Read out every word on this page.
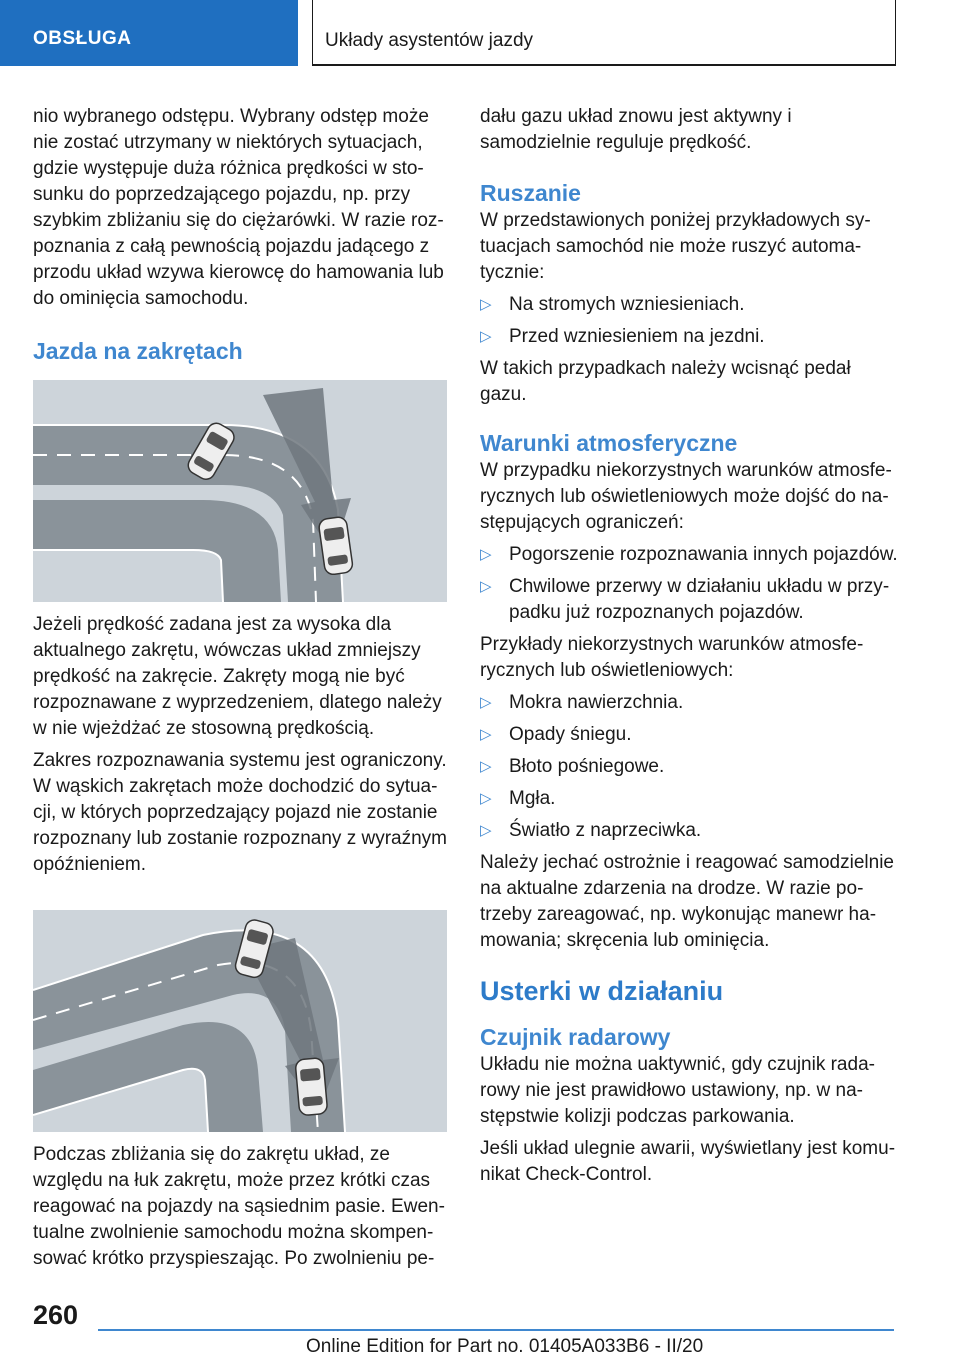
OBSŁUGA	Układy asystentów jazdy

nio wybranego odstępu. Wybrany odstęp może nie zostać utrzymany w niektórych sytuacjach, gdzie występuje duża różnica prędkości w stosunku do poprzedzającego pojazdu, np. przy szybkim zbliżaniu się do ciężarówki. W razie rozpoznania z całą pewnością pojazdu jadącego z przodu układ wzywa kierowcę do hamowania lub do ominięcia samochodu.

Jazda na zakrętach

Jeżeli prędkość zadana jest za wysoka dla aktualnego zakrętu, wówczas układ zmniejszy prędkość na zakręcie. Zakręty mogą nie być rozpoznawane z wyprzedzeniem, dlatego należy w nie wjeżdżać ze stosowną prędkością.

Zakres rozpoznawania systemu jest ograniczony. W wąskich zakrętach może dochodzić do sytuacji, w których poprzedzający pojazd nie zostanie rozpoznany lub zostanie rozpoznany z wyraźnym opóźnieniem.

Podczas zbliżania się do zakrętu układ, ze względu na łuk zakrętu, może przez krótki czas reagować na pojazdy na sąsiednim pasie. Ewentualne zwolnienie samochodu można skompensować krótko przyspieszając. Po zwolnieniu pe-

dału gazu układ znowu jest aktywny i samodzielnie reguluje prędkość.

Ruszanie

W przedstawionych poniżej przykładowych sytuacjach samochód nie może ruszyć automatycznie:

▷ Na stromych wzniesieniach.
▷ Przed wzniesieniem na jezdni.

W takich przypadkach należy wcisnąć pedał gazu.

Warunki atmosferyczne

W przypadku niekorzystnych warunków atmosferycznych lub oświetleniowych może dojść do następujących ograniczeń:

▷ Pogorszenie rozpoznawania innych pojazdów.
▷ Chwilowe przerwy w działaniu układu w przypadku już rozpoznanych pojazdów.

Przykłady niekorzystnych warunków atmosferycznych lub oświetleniowych:

▷ Mokra nawierzchnia.
▷ Opady śniegu.
▷ Błoto pośniegowe.
▷ Mgła.
▷ Światło z naprzeciwka.

Należy jechać ostrożnie i reagować samodzielnie na aktualne zdarzenia na drodze. W razie potrzeby zareagować, np. wykonując manewr hamowania; skręcenia lub ominięcia.

Usterki w działaniu
Czujnik radarowy

Układu nie można uaktywnić, gdy czujnik radarowy nie jest prawidłowo ustawiony, np. w następstwie kolizji podczas parkowania.

Jeśli układ ulegnie awarii, wyświetlany jest komunikat Check-Control.

260
Online Edition for Part no. 01405A033B6 - II/20
